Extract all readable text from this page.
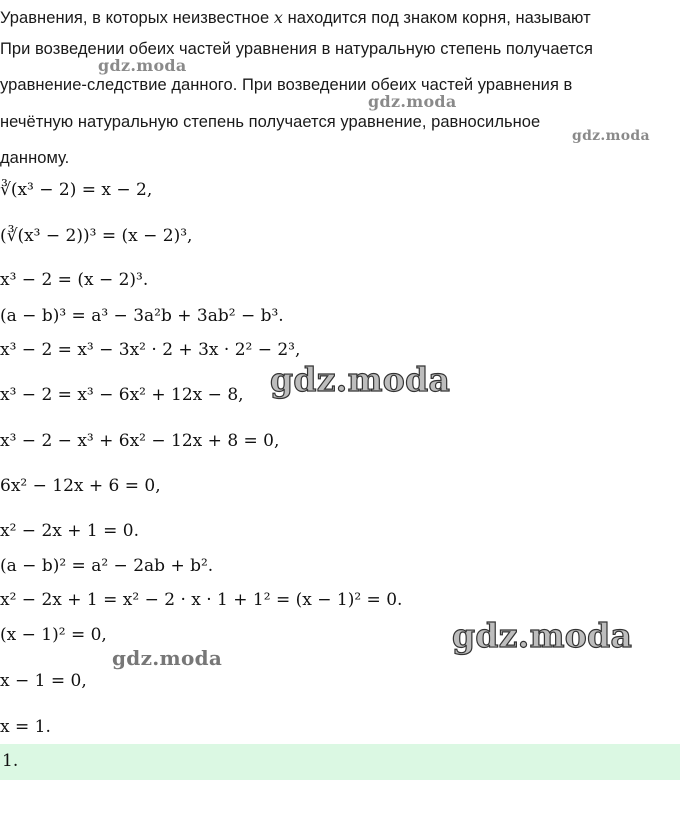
Уравнения, в которых неизвестное x находится под знаком корня, называют
При возведении обеих частей уравнения в натуральную степень получается
уравнение-следствие данного. При возведении обеих частей уравнения в
нечётную натуральную степень получается уравнение, равносильное
данному.
∛(x³ − 2) = x − 2,
(∛(x³ − 2))³ = (x − 2)³,
x³ − 2 = (x − 2)³.
(a − b)³ = a³ − 3a²b + 3ab² − b³.
x³ − 2 = x³ − 3x² · 2 + 3x · 2² − 2³,
x³ − 2 = x³ − 6x² + 12x − 8,
x³ − 2 − x³ + 6x² − 12x + 8 = 0,
6x² − 12x + 6 = 0,
x² − 2x + 1 = 0.
(a − b)² = a² − 2ab + b².
x² − 2x + 1 = x² − 2 · x · 1 + 1² = (x − 1)² = 0.
(x − 1)² = 0,
x − 1 = 0,
x = 1.
1.
gdz.moda
gdz.moda
gdz.moda
gdz.moda
gdz.moda
gdz.moda
